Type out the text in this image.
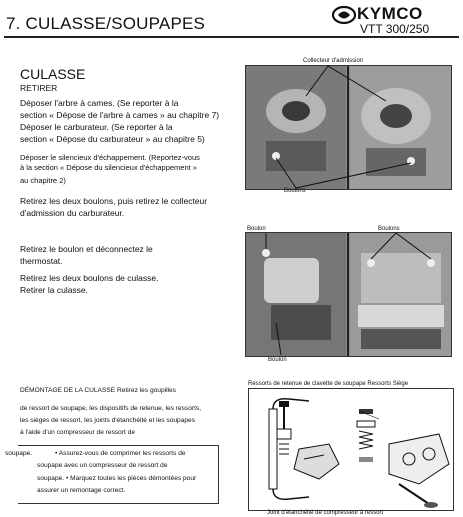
7. CULASSE/SOUPAPES
KYMCO
VTT 300/250
CULASSE
RETIRER
Déposer l'arbre à cames. (Se reporter à la
section « Dépose de l'arbre à cames » au chapitre 7)
Déposer le carburateur. (Se reporter à la
section « Dépose du carburateur » au chapitre 5)
Déposer le silencieux d'échappement. (Reportez-vous
à la section « Dépose du silencieux d'échappement »
au chapitre 2)
Retirez les deux boulons, puis retirez le collecteur
d'admission du carburateur.
Retirez le boulon et déconnectez le
thermostat.
Retirez les deux boulons de culasse.
Retirer la culasse.
DÉMONTAGE DE LA CULASSE Retirez les goupilles
de ressort de soupape, les dispositifs de retenue, les ressorts,
les sièges de ressort, les joints d'étanchéité et les soupapes
à l'aide d'un compresseur de ressort de
soupape.	• Assurez-vous de comprimer les ressorts de
soupape avec un compresseur de ressort de
soupape. • Marquez toutes les pièces démontées pour
assurer un remontage correct.
Collecteur d'admission
Boulons
Boulon	Boulons
Boulon
Ressorts de retenue de clavette de soupape Ressorts Siège
Joint d'étanchéité de compresseur à ressort
